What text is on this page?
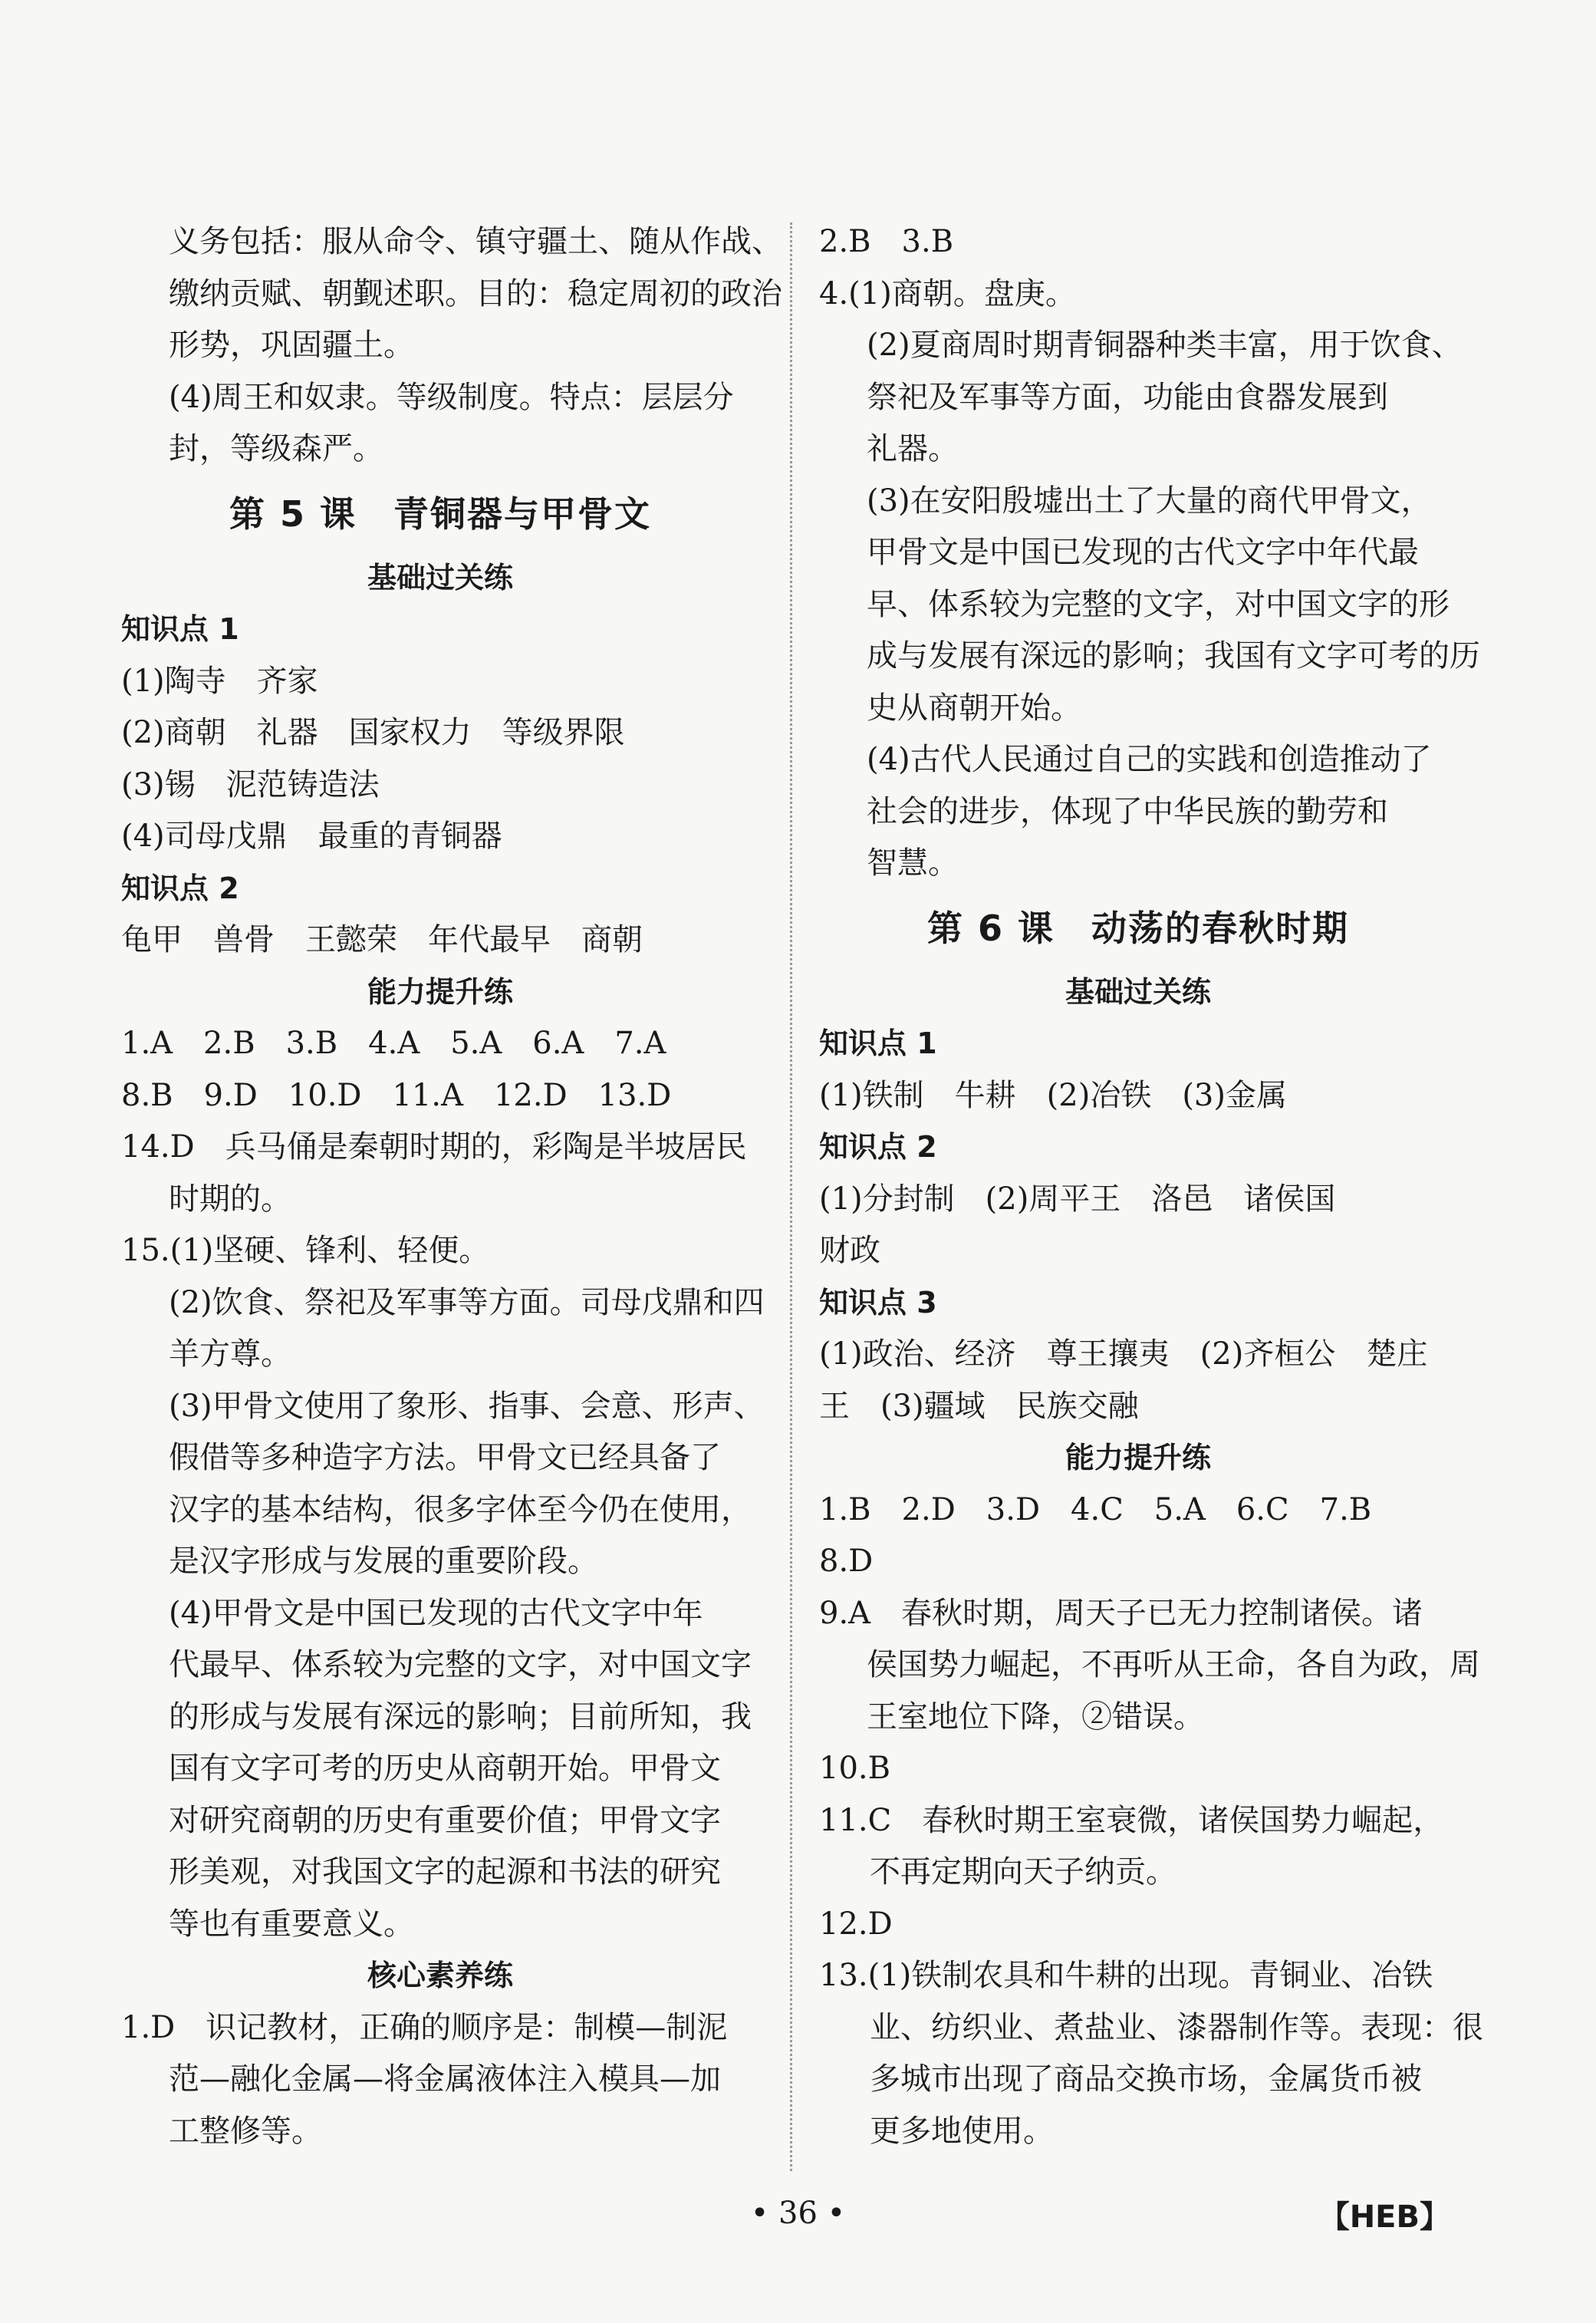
义务包括：服从命令、镇守疆土、随从作战、
缴纳贡赋、朝觐述职。目的：稳定周初的政治
形势，巩固疆土。
(4)周王和奴隶。等级制度。特点：层层分
封，等级森严。
第 5 课　青铜器与甲骨文
基础过关练
知识点 1
(1)陶寺　齐家
(2)商朝　礼器　国家权力　等级界限
(3)锡　泥范铸造法
(4)司母戊鼎　最重的青铜器
知识点 2
龟甲　兽骨　王懿荣　年代最早　商朝
能力提升练
1.A　2.B　3.B　4.A　5.A　6.A　7.A
8.B　9.D　10.D　11.A　12.D　13.D
14.D　兵马俑是秦朝时期的，彩陶是半坡居民
时期的。
15.(1)坚硬、锋利、轻便。
(2)饮食、祭祀及军事等方面。司母戊鼎和四
羊方尊。
(3)甲骨文使用了象形、指事、会意、形声、
假借等多种造字方法。甲骨文已经具备了
汉字的基本结构，很多字体至今仍在使用，
是汉字形成与发展的重要阶段。
(4)甲骨文是中国已发现的古代文字中年
代最早、体系较为完整的文字，对中国文字
的形成与发展有深远的影响；目前所知，我
国有文字可考的历史从商朝开始。甲骨文
对研究商朝的历史有重要价值；甲骨文字
形美观，对我国文字的起源和书法的研究
等也有重要意义。
核心素养练
1.D　识记教材，正确的顺序是：制模—制泥
范—融化金属—将金属液体注入模具—加
工整修等。
2.B　3.B
4.(1)商朝。盘庚。
(2)夏商周时期青铜器种类丰富，用于饮食、
祭祀及军事等方面，功能由食器发展到
礼器。
(3)在安阳殷墟出土了大量的商代甲骨文，
甲骨文是中国已发现的古代文字中年代最
早、体系较为完整的文字，对中国文字的形
成与发展有深远的影响；我国有文字可考的历
史从商朝开始。
(4)古代人民通过自己的实践和创造推动了
社会的进步，体现了中华民族的勤劳和
智慧。
第 6 课　动荡的春秋时期
基础过关练
知识点 1
(1)铁制　牛耕　(2)冶铁　(3)金属
知识点 2
(1)分封制　(2)周平王　洛邑　诸侯国
财政
知识点 3
(1)政治、经济　尊王攘夷　(2)齐桓公　楚庄
王　(3)疆域　民族交融
能力提升练
1.B　2.D　3.D　4.C　5.A　6.C　7.B
8.D
9.A　春秋时期，周天子已无力控制诸侯。诸
侯国势力崛起，不再听从王命，各自为政，周
王室地位下降，②错误。
10.B
11.C　春秋时期王室衰微，诸侯国势力崛起，
不再定期向天子纳贡。
12.D
13.(1)铁制农具和牛耕的出现。青铜业、冶铁
业、纺织业、煮盐业、漆器制作等。表现：很
多城市出现了商品交换市场，金属货币被
更多地使用。
• 36 •	【HEB】
